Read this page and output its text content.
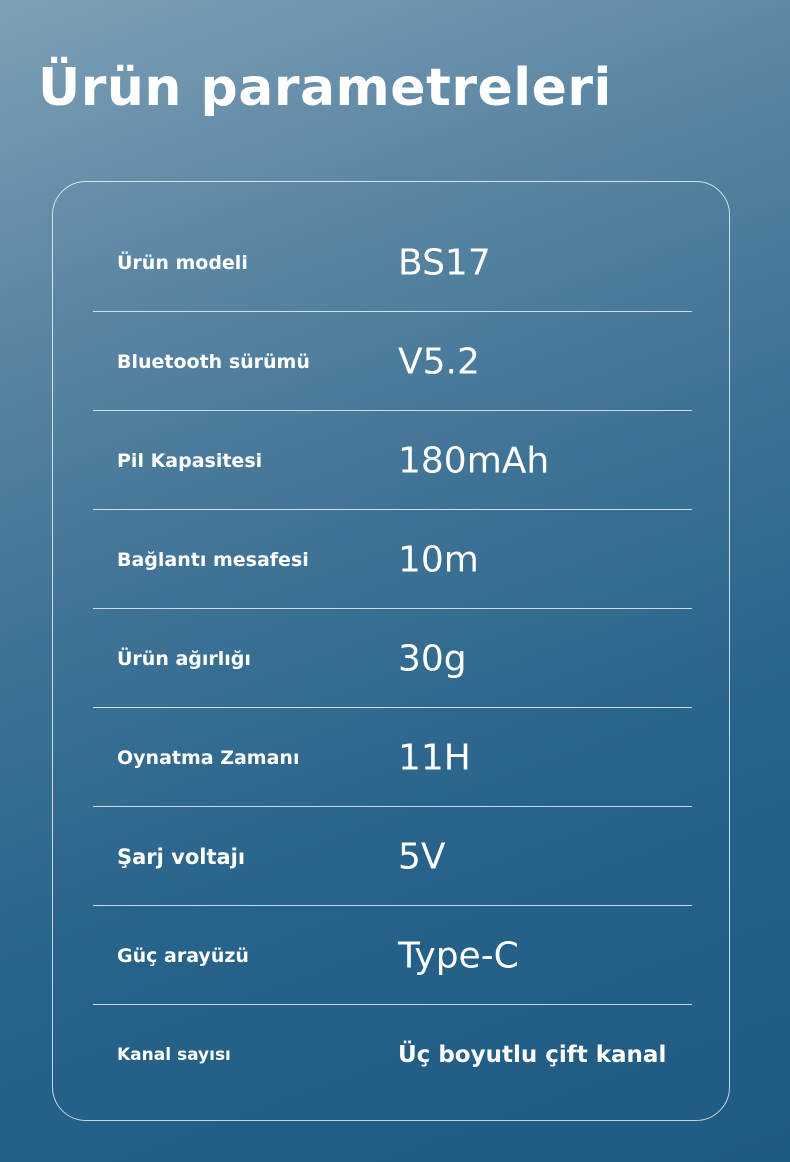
Ürün parametreleri
Ürün modeli	BS17
Bluetooth sürümü V5.2
Pil Kapasitesi	180mAh
Bağlantı mesafesi 10m
Ürün ağırlığı	30g
Oynatma Zamanı	11H
Şarj voltajı	5V
Güç arayüzü	Type-C
Kanal sayısı	Üç boyutlu çift kanal
